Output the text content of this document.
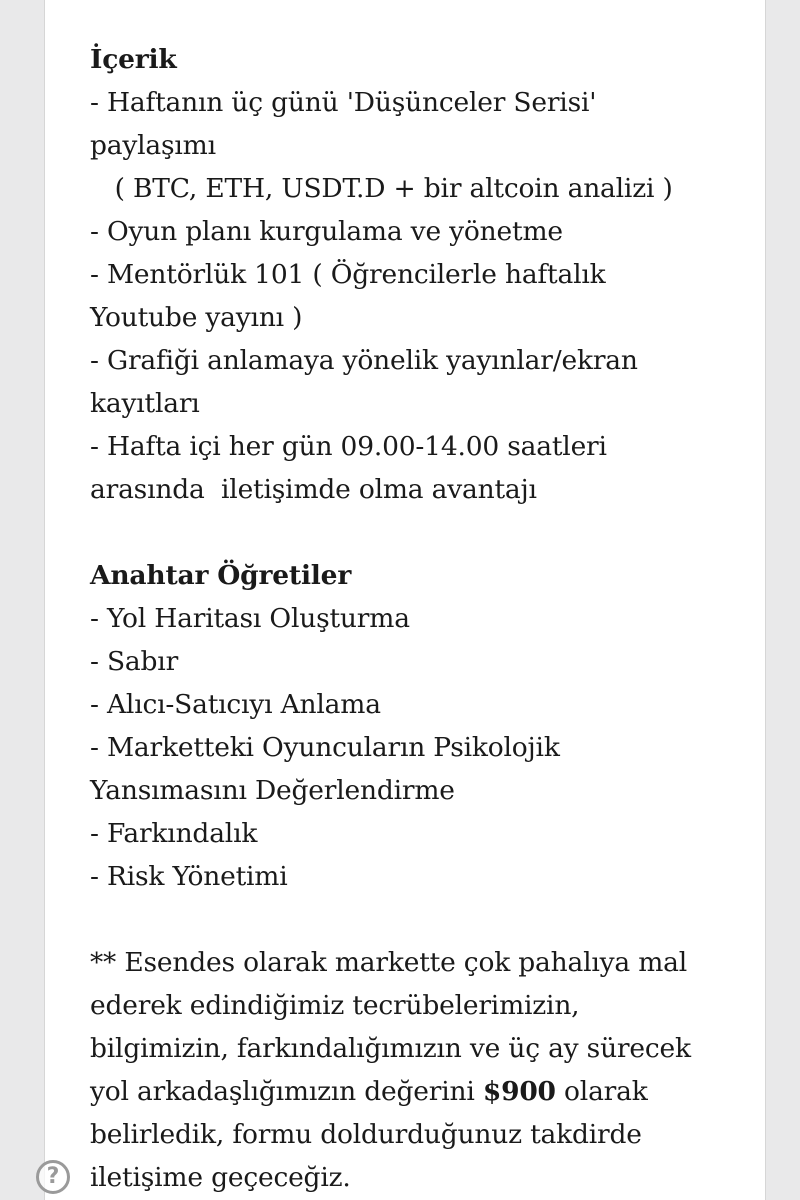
İçerik
- Haftanın üç günü 'Düşünceler Serisi'
paylaşımı
( BTC, ETH, USDT.D + bir altcoin analizi )
- Oyun planı kurgulama ve yönetme
- Mentörlük 101 ( Öğrencilerle haftalık
Youtube yayını )
- Grafiği anlamaya yönelik yayınlar/ekran
kayıtları
- Hafta içi her gün 09.00-14.00 saatleri
arasında  iletişimde olma avantajı
Anahtar Öğretiler
- Yol Haritası Oluşturma
- Sabır
- Alıcı-Satıcıyı Anlama
- Marketteki Oyuncuların Psikolojik
Yansımasını Değerlendirme
- Farkındalık
- Risk Yönetimi
** Esendes olarak markette çok pahalıya mal
ederek edindiğimiz tecrübelerimizin,
bilgimizin, farkındalığımızın ve üç ay sürecek
yol arkadaşlığımızın değerini $900 olarak
belirledik, formu doldurduğunuz takdirde
iletişime geçeceğiz.
?
